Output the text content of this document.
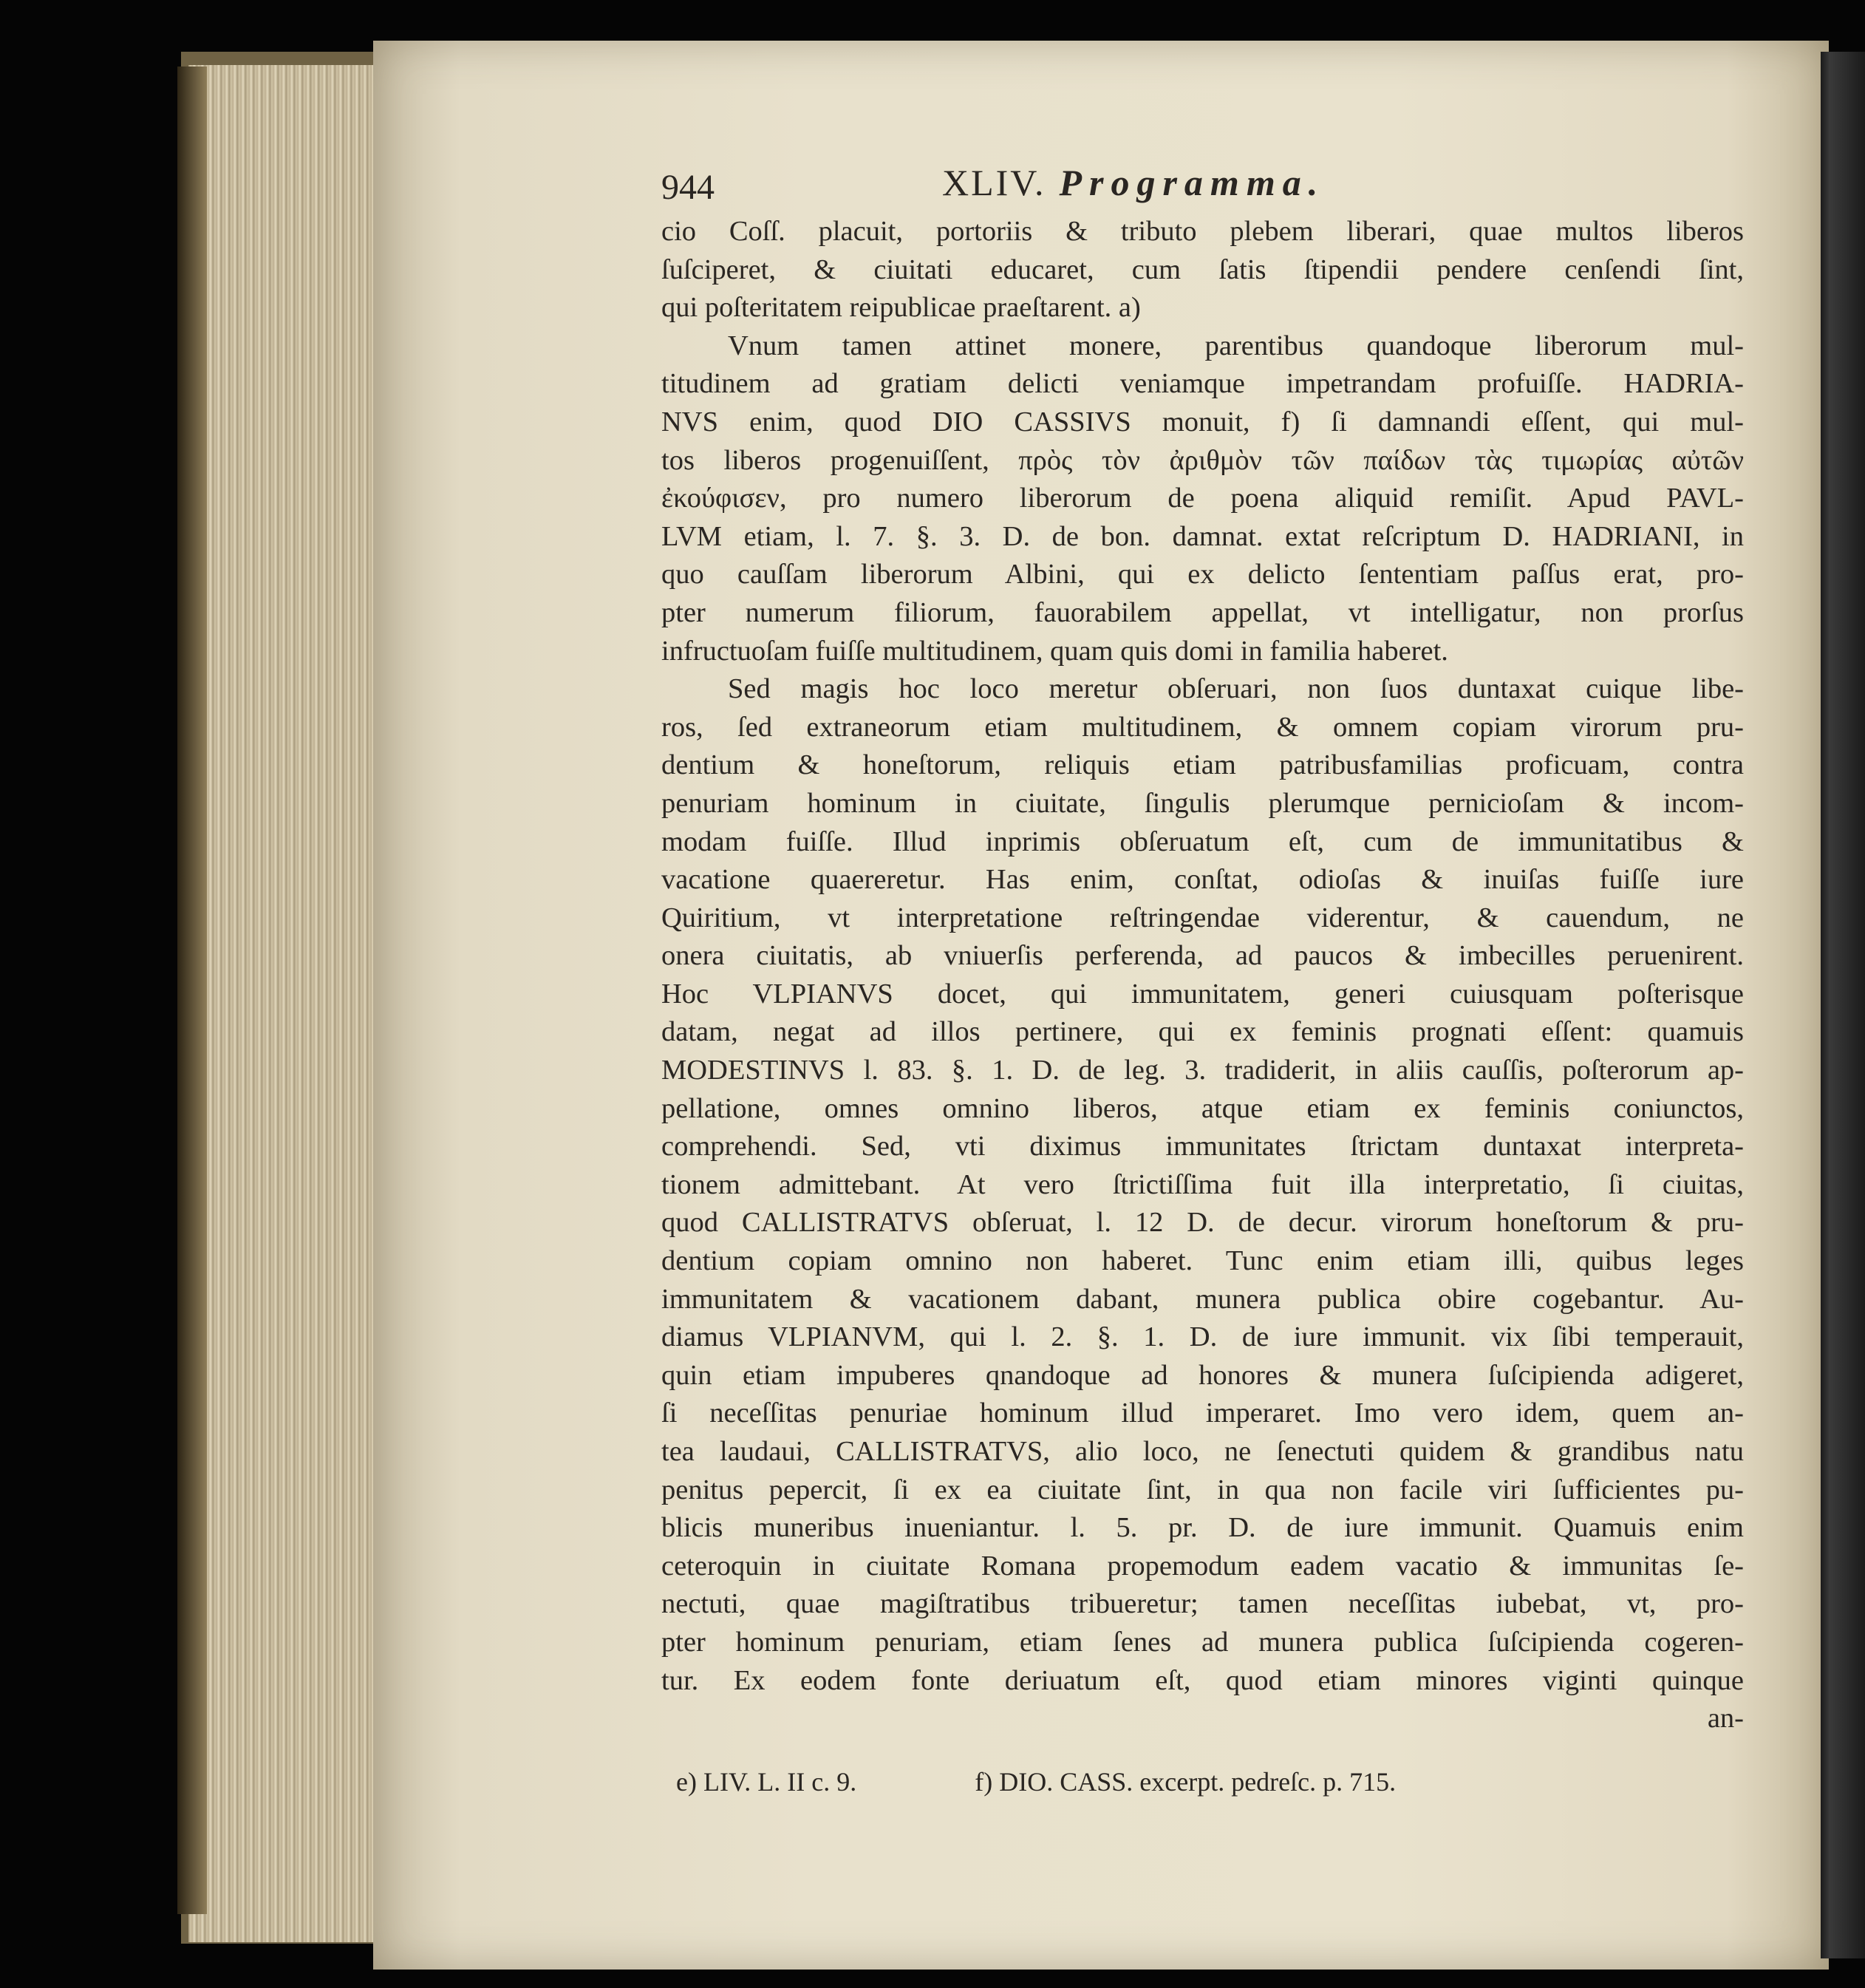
944	XLIV. Programma.

cio Coſſ. placuit, portoriis & tributo plebem liberari, quae multos liberos

ſuſciperet, & ciuitati educaret, cum ſatis ſtipendii pendere cenſendi ſint,

qui poſteritatem reipublicae praeſtarent. a)

Vnum tamen attinet monere, parentibus quandoque liberorum mul-

titudinem ad gratiam delicti veniamque impetrandam profuiſſe. HADRIA-

NVS enim, quod DIO CASSIVS monuit, f) ſi damnandi eſſent, qui mul-

tos liberos progenuiſſent, πρὸς τὸν ἀριθμὸν τῶν παίδων τὰς τιμωρίας αὐτῶν

ἐκούφισεν, pro numero liberorum de poena aliquid remiſit. Apud PAVL-

LVM etiam, l. 7. §. 3. D. de bon. damnat. extat reſcriptum D. HADRIANI, in

quo cauſſam liberorum Albini, qui ex delicto ſententiam paſſus erat, pro-

pter numerum filiorum, fauorabilem appellat, vt intelligatur, non prorſus

infructuoſam fuiſſe multitudinem, quam quis domi in familia haberet.

Sed magis hoc loco meretur obſeruari, non ſuos duntaxat cuique libe-

ros, ſed extraneorum etiam multitudinem, & omnem copiam virorum pru-

dentium & honeſtorum, reliquis etiam patribusfamilias proficuam, contra

penuriam hominum in ciuitate, ſingulis plerumque pernicioſam & incom-

modam fuiſſe. Illud inprimis obſeruatum eſt, cum de immunitatibus &

vacatione quaereretur. Has enim, conſtat, odioſas & inuiſas fuiſſe iure

Quiritium, vt interpretatione reſtringendae viderentur, & cauendum, ne

onera ciuitatis, ab vniuerſis perferenda, ad paucos & imbecilles peruenirent.

Hoc VLPIANVS docet, qui immunitatem, generi cuiusquam poſterisque

datam, negat ad illos pertinere, qui ex feminis prognati eſſent: quamuis

MODESTINVS l. 83. §. 1. D. de leg. 3. tradiderit, in aliis cauſſis, poſterorum ap-

pellatione, omnes omnino liberos, atque etiam ex feminis coniunctos,

comprehendi. Sed, vti diximus immunitates ſtrictam duntaxat interpreta-

tionem admittebant. At vero ſtrictiſſima fuit illa interpretatio, ſi ciuitas,

quod CALLISTRATVS obſeruat, l. 12 D. de decur. virorum honeſtorum & pru-

dentium copiam omnino non haberet. Tunc enim etiam illi, quibus leges

immunitatem & vacationem dabant, munera publica obire cogebantur. Au-

diamus VLPIANVM, qui l. 2. §. 1. D. de iure immunit. vix ſibi temperauit,

quin etiam impuberes qnandoque ad honores & munera ſuſcipienda adigeret,

ſi neceſſitas penuriae hominum illud imperaret. Imo vero idem, quem an-

tea laudaui, CALLISTRATVS, alio loco, ne ſenectuti quidem & grandibus natu

penitus pepercit, ſi ex ea ciuitate ſint, in qua non facile viri ſufficientes pu-

blicis muneribus inueniantur. l. 5. pr. D. de iure immunit. Quamuis enim

ceteroquin in ciuitate Romana propemodum eadem vacatio & immunitas ſe-

nectuti, quae magiſtratibus tribueretur; tamen neceſſitas iubebat, vt, pro-

pter hominum penuriam, etiam ſenes ad munera publica ſuſcipienda cogeren-

tur. Ex eodem fonte deriuatum eſt, quod etiam minores viginti quinque

an-

e) LIV. L. II c. 9.	f) DIO. CASS. excerpt. pedreſc. p. 715.
